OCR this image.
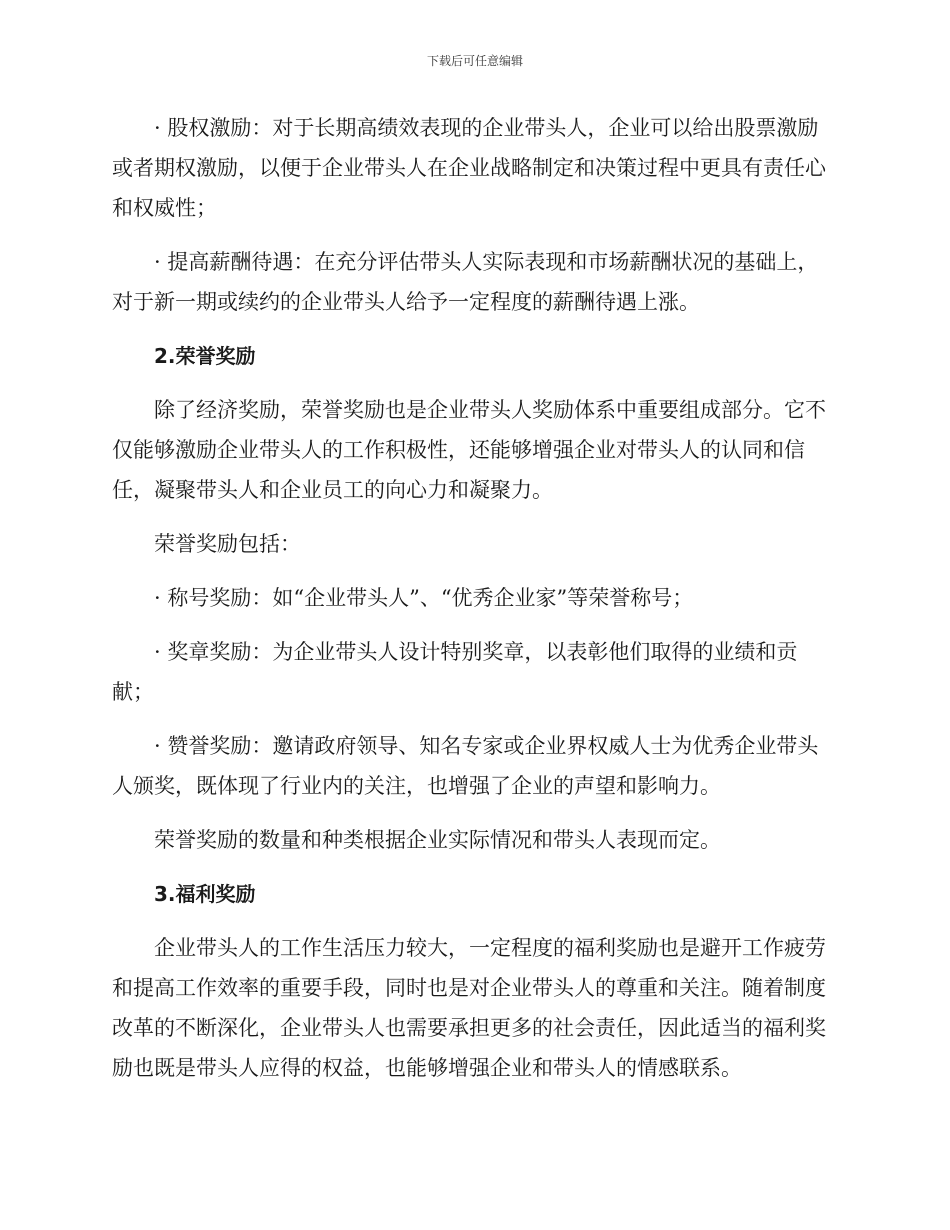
下载后可任意编辑

· 股权激励：对于长期高绩效表现的企业带头人，企业可以给出股票激励或者期权激励，以便于企业带头人在企业战略制定和决策过程中更具有责任心和权威性；

· 提高薪酬待遇：在充分评估带头人实际表现和市场薪酬状况的基础上，对于新一期或续约的企业带头人给予一定程度的薪酬待遇上涨。

2.荣誉奖励

除了经济奖励，荣誉奖励也是企业带头人奖励体系中重要组成部分。它不仅能够激励企业带头人的工作积极性，还能够增强企业对带头人的认同和信任，凝聚带头人和企业员工的向心力和凝聚力。

荣誉奖励包括：

· 称号奖励：如“企业带头人”、“优秀企业家”等荣誉称号；

· 奖章奖励：为企业带头人设计特别奖章，以表彰他们取得的业绩和贡献；

· 赞誉奖励：邀请政府领导、知名专家或企业界权威人士为优秀企业带头人颁奖，既体现了行业内的关注，也增强了企业的声望和影响力。

荣誉奖励的数量和种类根据企业实际情况和带头人表现而定。

3.福利奖励

企业带头人的工作生活压力较大，一定程度的福利奖励也是避开工作疲劳和提高工作效率的重要手段，同时也是对企业带头人的尊重和关注。随着制度改革的不断深化，企业带头人也需要承担更多的社会责任，因此适当的福利奖励也既是带头人应得的权益，也能够增强企业和带头人的情感联系。
